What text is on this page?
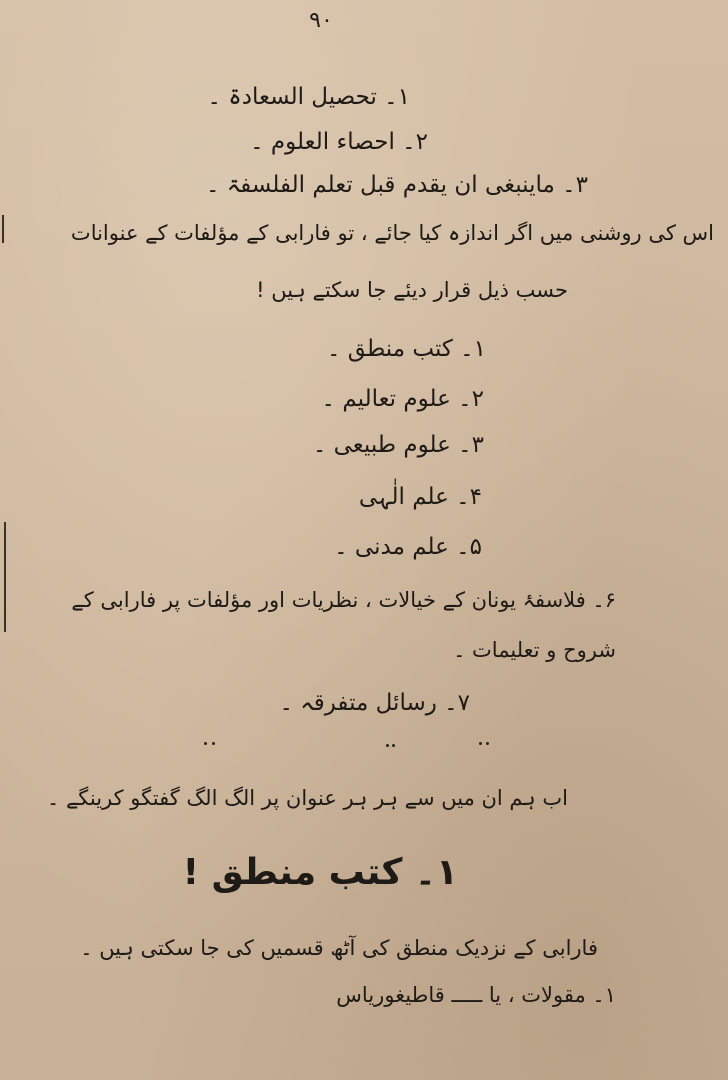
۹۰
۱۔ تحصیل السعادۃ ۔
۲۔ احصاء العلوم ۔
۳۔ ماینبغی ان یقدم قبل تعلم الفلسفۃ ۔
اس کی روشنی میں اگر اندازہ کیا جائے ، تو فارابی کے مؤلفات کے عنوانات
حسب ذیل قرار دیئے جا سکتے ہیں !
۱۔ کتب منطق ۔
۲۔ علوم تعالیم ۔
۳۔ علوم طبیعی ۔
۴۔ علم الٰہی
۵۔ علم مدنی ۔
۶۔ فلاسفۂ یونان کے خیالات ، نظریات اور مؤلفات پر فارابی کے
شروح و تعلیمات ۔
۷۔ رسائل متفرقہ ۔
اب ہم ان میں سے ہر ہر عنوان پر الگ الگ گفتگو کرینگے ۔
۱۔ کتب منطق !
فارابی کے نزدیک منطق کی آٹھ قسمیں کی جا سکتی ہیں ۔
۱۔ مقولات ، یا ـــــ قاطیغوریاس
